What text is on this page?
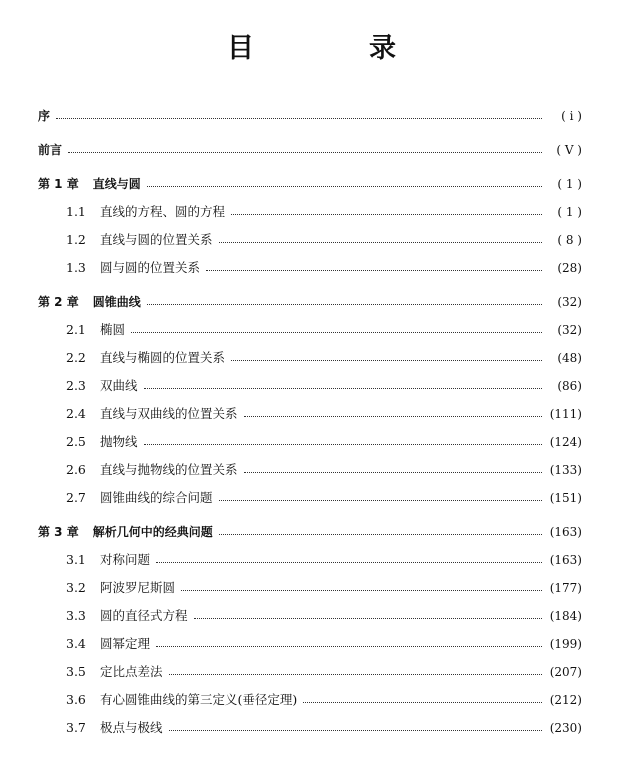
目　录
序	( ⅰ )
前言	( Ⅴ )
第 1 章 直线与圆	( 1 )
1.1	直线的方程、圆的方程	( 1 )
1.2	直线与圆的位置关系	( 8 )
1.3	圆与圆的位置关系	(28)
第 2 章 圆锥曲线	(32)
2.1	椭圆	(32)
2.2	直线与椭圆的位置关系	(48)
2.3	双曲线	(86)
2.4	直线与双曲线的位置关系	(111)
2.5	抛物线	(124)
2.6	直线与抛物线的位置关系	(133)
2.7	圆锥曲线的综合问题	(151)
第 3 章 解析几何中的经典问题	(163)
3.1	对称问题	(163)
3.2	阿波罗尼斯圆	(177)
3.3	圆的直径式方程	(184)
3.4	圆幂定理	(199)
3.5	定比点差法	(207)
3.6	有心圆锥曲线的第三定义(垂径定理)	(212)
3.7	极点与极线	(230)
